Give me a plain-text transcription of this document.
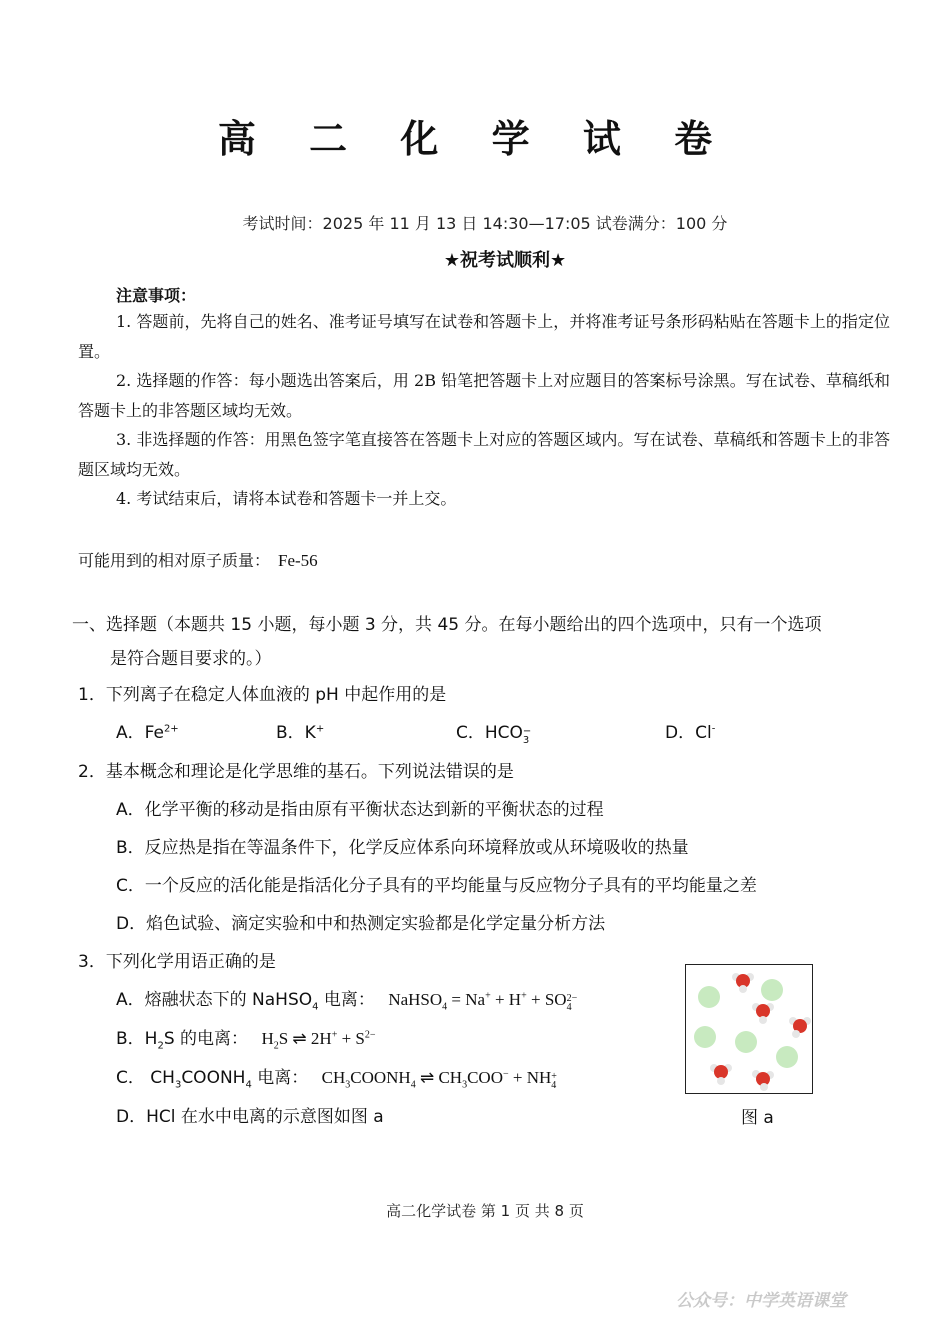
高 二 化 学 试 卷
考试时间：2025 年 11 月 13 日 14:30—17:05 试卷满分：100 分
★祝考试顺利★
注意事项：
1. 答题前，先将自己的姓名、准考证号填写在试卷和答题卡上，并将准考证号条形码粘贴在答题卡上的指定位置。
2. 选择题的作答：每小题选出答案后，用 2B 铅笔把答题卡上对应题目的答案标号涂黑。写在试卷、草稿纸和答题卡上的非答题区域均无效。
3. 非选择题的作答：用黑色签字笔直接答在答题卡上对应的答题区域内。写在试卷、草稿纸和答题卡上的非答题区域均无效。
4. 考试结束后，请将本试卷和答题卡一并上交。
可能用到的相对原子质量： Fe-56
一、选择题（本题共 15 小题，每小题 3 分，共 45 分。在每小题给出的四个选项中，只有一个选项
是符合题目要求的。）
1．下列离子在稳定人体血液的 pH 中起作用的是
A．$Fe^{2+}$	B．K+	C．HCO −
3	D．Cl-
2．基本概念和理论是化学思维的基石。下列说法错误的是
A．化学平衡的移动是指由原有平衡状态达到新的平衡状态的过程
B．反应热是指在等温条件下，化学反应体系向环境释放或从环境吸收的热量
C．一个反应的活化能是指活化分子具有的平均能量与反应物分子具有的平均能量之差
D．焰色试验、滴定实验和中和热测定实验都是化学定量分析方法
3．下列化学用语正确的是
A．熔融状态下的 NaHSO$_4$ 电离： NaHSO$_4$ = Na+ + H+ + SO 2−
4
B．$H_2S$ 的电离： $H_2S$ ⇌ $2H^+ + S^{2-}$
C． $CH_3COONH_4$ 电离： $CH_3COONH_4$ ⇌ $CH_3COO^-$ + NH +
4
D．HCl 在水中电离的示意图如图 a	图 a
高二化学试卷 第 1 页 共 8 页
公众号：中学英语课堂
